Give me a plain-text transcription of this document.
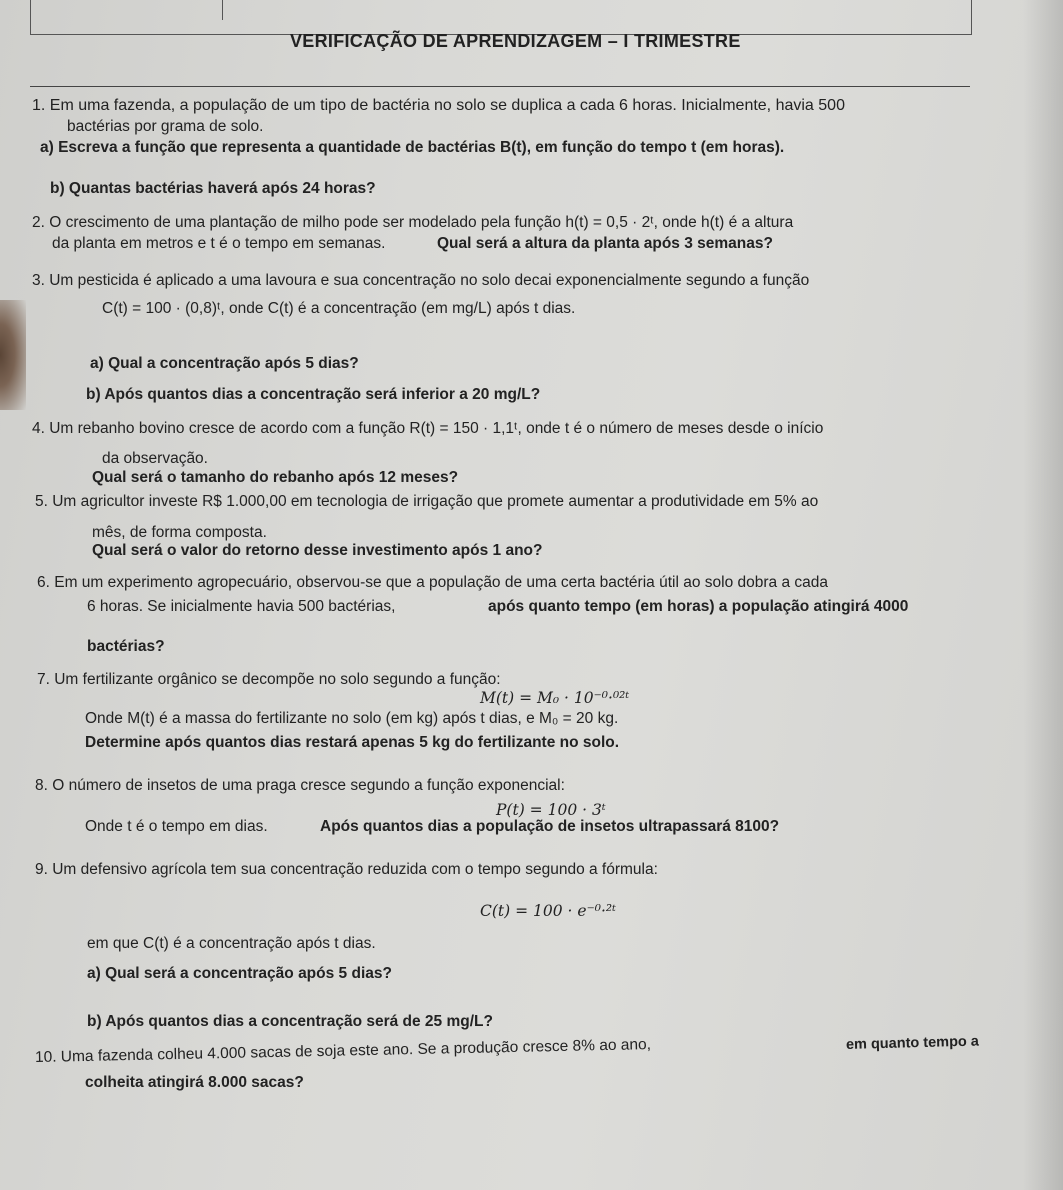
VERIFICAÇÃO DE APRENDIZAGEM – I TRIMESTRE
1. Em uma fazenda, a população de um tipo de bactéria no solo se duplica a cada 6 horas. Inicialmente, havia 500
bactérias por grama de solo.
a) Escreva a função que representa a quantidade de bactérias B(t), em função do tempo t (em horas).
b) Quantas bactérias haverá após 24 horas?
2. O crescimento de uma plantação de milho pode ser modelado pela função h(t) = 0,5 · 2ᵗ, onde h(t) é a altura
da planta em metros e t é o tempo em semanas.	Qual será a altura da planta após 3 semanas?
3. Um pesticida é aplicado a uma lavoura e sua concentração no solo decai exponencialmente segundo a função
C(t) = 100 · (0,8)ᵗ, onde C(t) é a concentração (em mg/L) após t dias.
a) Qual a concentração após 5 dias?
b) Após quantos dias a concentração será inferior a 20 mg/L?
4. Um rebanho bovino cresce de acordo com a função R(t) = 150 · 1,1ᵗ, onde t é o número de meses desde o início
da observação.
Qual será o tamanho do rebanho após 12 meses?
5. Um agricultor investe R$ 1.000,00 em tecnologia de irrigação que promete aumentar a produtividade em 5% ao
mês, de forma composta.
Qual será o valor do retorno desse investimento após 1 ano?
6. Em um experimento agropecuário, observou-se que a população de uma certa bactéria útil ao solo dobra a cada
6 horas. Se inicialmente havia 500 bactérias,	após quanto tempo (em horas) a população atingirá 4000
bactérias?
7. Um fertilizante orgânico se decompõe no solo segundo a função:
M(t) = M₀ · 10⁻⁰·⁰²ᵗ
Onde M(t) é a massa do fertilizante no solo (em kg) após t dias, e M₀ = 20 kg.
Determine após quantos dias restará apenas 5 kg do fertilizante no solo.
8. O número de insetos de uma praga cresce segundo a função exponencial:
P(t) = 100 · 3ᵗ
Onde t é o tempo em dias.	Após quantos dias a população de insetos ultrapassará 8100?
9. Um defensivo agrícola tem sua concentração reduzida com o tempo segundo a fórmula:
C(t) = 100 · e⁻⁰·²ᵗ
em que C(t) é a concentração após t dias.
a) Qual será a concentração após 5 dias?
b) Após quantos dias a concentração será de 25 mg/L?
10. Uma fazenda colheu 4.000 sacas de soja este ano. Se a produção cresce 8% ao ano,	em quanto tempo a
colheita atingirá 8.000 sacas?
